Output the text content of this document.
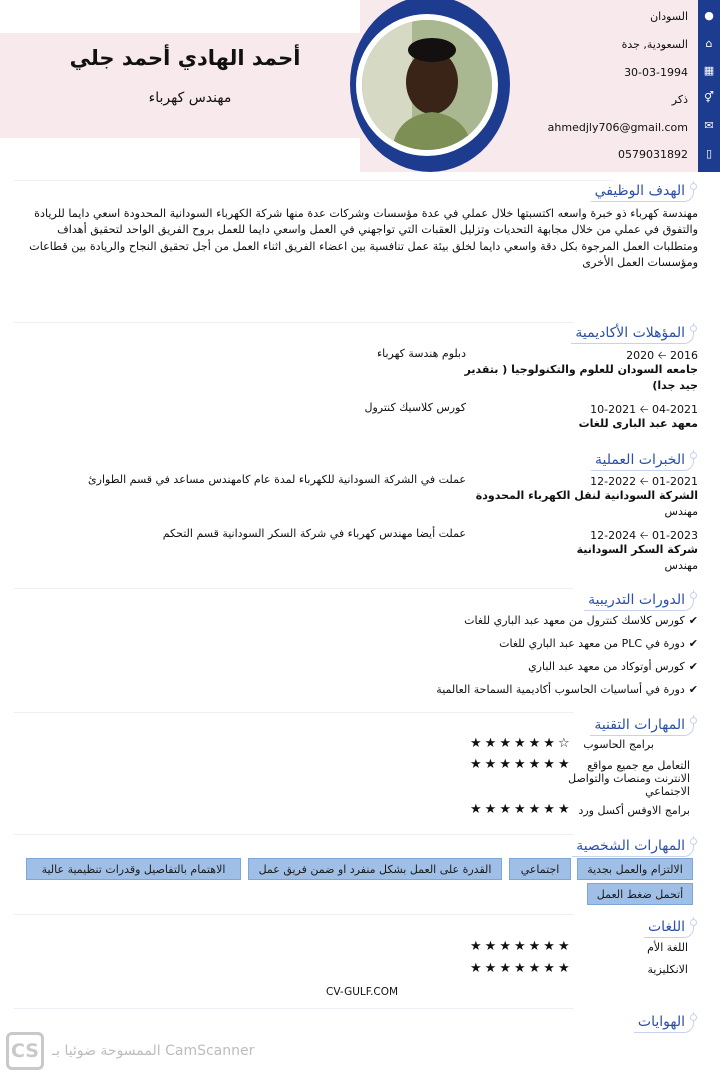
أحمد الهادي أحمد جلي
مهندس كهرباء
●
⌂
▦
⚥
✉
▯
السودان
السعودية, جدة
30-03-1994
ذكر
ahmedjly706@gmail.com
0579031892
الهدف الوظيفي
مهندسة كهرباء ذو خبرة واسعه اكتسبتها خلال عملي في عدة مؤسسات وشركات عدة منها شركة الكهرباء السودانية المحدودة اسعي دايما للريادة والتفوق في عملي من خلال مجابهة التحديات وتزليل العقبات التي تواجهني في العمل واسعي دايما للعمل بروح الفريق الواحد لتحقيق أهداف ومتطلبات العمل المرجوة بكل دقة واسعي دايما لخلق بيئة عمل تنافسية بين اعضاء الفريق اثناء العمل من أجل تحقيق النجاح والريادة بين قطاعات ومؤسسات العمل الأخرى
المؤهلات الأكاديمية
2016 🡠 2020
دبلوم هندسة كهرباء
جامعه السودان للعلوم والتكنولوجيا ( بتقدير
جيد جدا)
04-2021 🡠 10-2021
كورس كلاسيك كنترول
معهد عبد البارى للغات
الخبرات العملية
01-2021 🡠 12-2022
عملت في الشركة السودانية للكهرباء لمدة عام كامهندس مساعد في قسم الطوارئ
الشركة السودانية لنقل الكهرباء المحدودة
مهندس
01-2023 🡠 12-2024
عملت أيضا مهندس كهرباء في شركة السكر السودانية قسم التحكم
شركة السكر السودانية
مهندس
الدورات التدريبية
✔كورس كلاسك كنترول من معهد عبد الباري للغات
✔دورة في PLC من معهد عبد الباري للغات
✔كورس أوتوكاد من معهد عبد الباري
✔دورة في أساسيات الحاسوب أكاديمية السماحة العالمية
المهارات التقنية
برامج الحاسوب
★★★★★★☆
التعامل مع جميع مواقع
الانترنت ومنصات والتواصل
الاجتماعي
★★★★★★★
برامج الاوفس أكسل ورد
★★★★★★★
المهارات الشخصية
الالتزام والعمل بجدية
اجتماعي
القدرة على العمل بشكل منفرد او ضمن فريق عمل
الاهتمام بالتفاصيل وقدرات تنظيمية عالية
أتحمل ضغط العمل
اللغات
اللغة الأم
★★★★★★★
الانكليزية
★★★★★★★
CV-GULF.COM
الهوايات
CS الممسوحة ضوئيا بـ CamScanner
